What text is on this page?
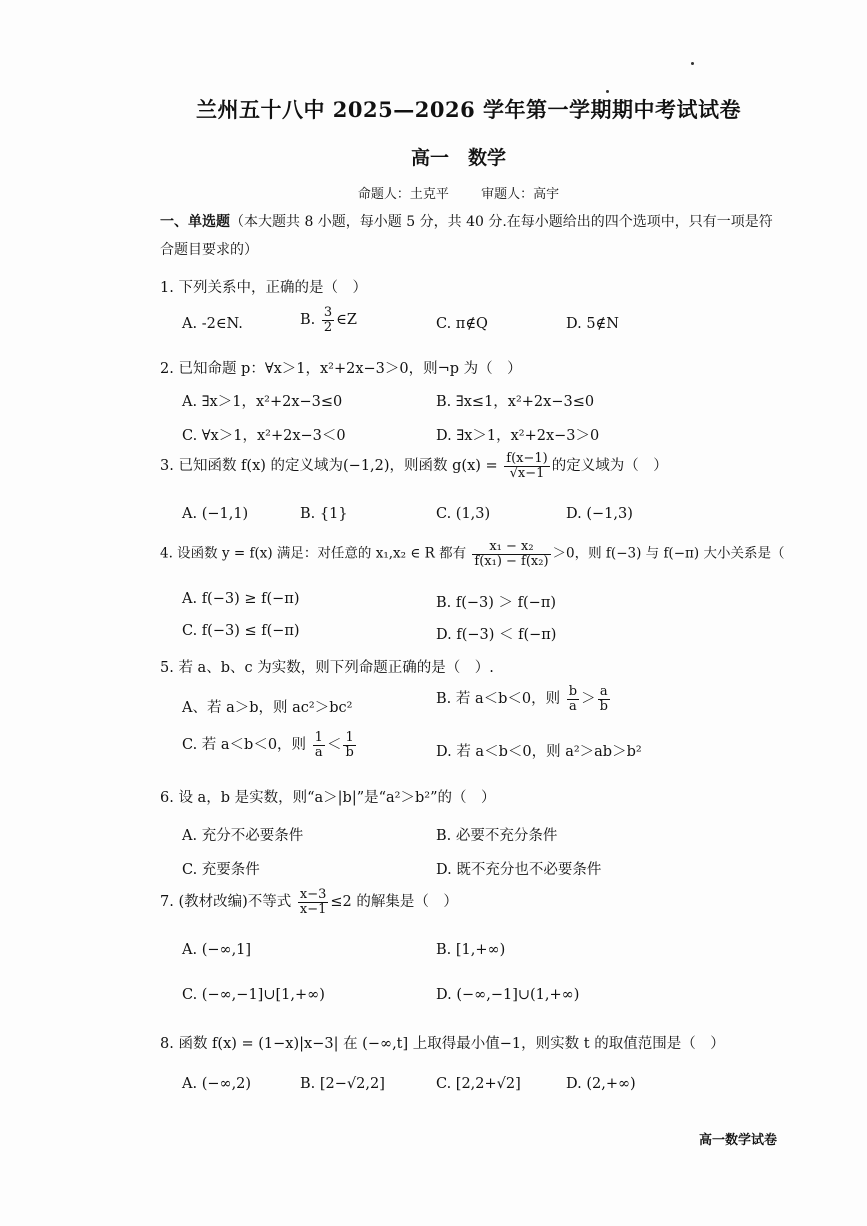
兰州五十八中 2025—2026 学年第一学期期中考试试卷
高一　数学
命题人：土克平 审题人：高宇
一、单选题（本大题共 8 小题，每小题 5 分，共 40 分.在每小题给出的四个选项中，只有一项是符合题目要求的）
1. 下列关系中，正确的是（　）
A. -2∈N.	B. $\frac{3}{2}$ ∈Z	C. π∉Q	D. 5∉N
2. 已知命题 p：∀x＞1，x²+2x−3＞0，则¬p 为（　）
A. ∃x＞1，x²+2x−3≤0	B. ∃x≤1，x²+2x−3≤0
C. ∀x＞1，x²+2x−3＜0	D. ∃x＞1，x²+2x−3＞0
3. 已知函数 f(x) 的定义域为(−1,2)，则函数 $g(x) = \frac{f(x-1)}{√x-1}$ 的定义域为（　）
A. (−1,1)	B. {1}	C. (1,3)	D. (−1,3)
4. 设函数 y = f(x) 满足：对任意的 x₁,x₂ ∈ R 都有 $\frac{\text{x₁ − x₂}}{\text{f(x₁) − f(x₂)}} >0$，则 f(−3) 与 f(−π) 大小关系是（
A. f(−3) ≥ f(−π)	B. f(−3) ＞ f(−π)
C. f(−3) ≤ f(−π)	D. f(−3) ＜ f(−π)
5. 若 a、b、c 为实数，则下列命题正确的是（　）.
A、若 a＞b，则 ac²＞bc²
B. 若 a＜b＜0，则 $\frac{b}{a} > \frac{a}{b}$
C. 若 a＜b＜0，则 $\frac{1}{a} < \frac{1}{b}$	D. 若 a＜b＜0，则 a²＞ab＞b²
6. 设 a，b 是实数，则“a＞|b|”是“a²＞b²”的（　）
A. 充分不必要条件	B. 必要不充分条件
C. 充要条件	D. 既不充分也不必要条件
7. (教材改编)不等式 $\frac{x-3}{x-1} \le 2$ 的解集是（　）
A. (−∞,1]	B. [1,+∞)
C. (−∞,−1]∪[1,+∞)	D. (−∞,−1]∪(1,+∞)
8. 函数 f(x) = (1−x)|x−3| 在 (−∞,t] 上取得最小值−1，则实数 t 的取值范围是（　）
A. (−∞,2)	B. [2−√2,2]	C. [2,2+√2]	D. (2,+∞)
高一数学试卷
